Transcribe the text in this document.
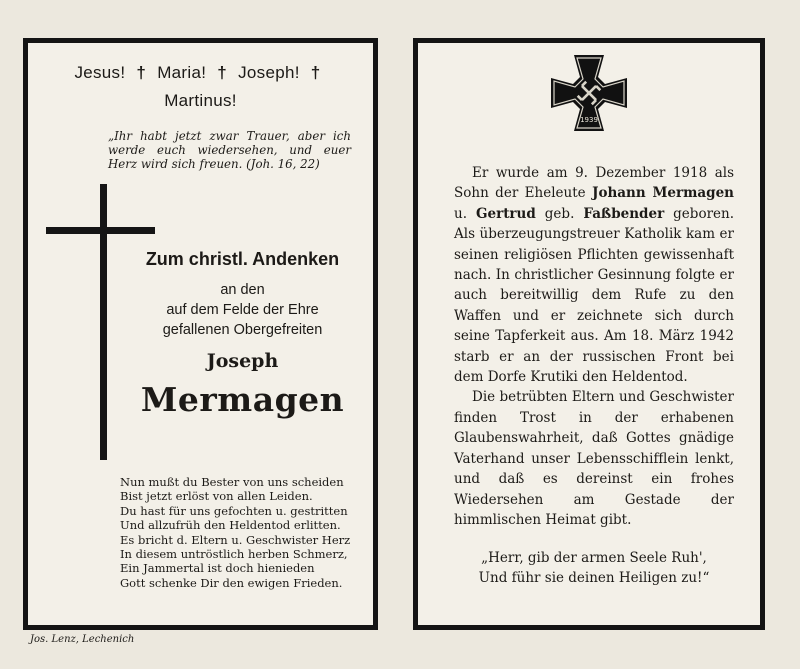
Jesus! † Maria! † Joseph! †
Martinus!
„Ihr habt jetzt zwar Trauer, aber ich werde euch wiedersehen, und euer Herz wird sich freuen. (Joh. 16, 22)
Zum christl. Andenken
an den
auf dem Felde der Ehre
gefallenen Obergefreiten
Joseph
Mermagen
Nun mußt du Bester von uns scheiden
Bist jetzt erlöst von allen Leiden.
Du hast für uns gefochten u. gestritten
Und allzufrüh den Heldentod erlitten.
Es bricht d. Eltern u. Geschwister Herz
In diesem untröstlich herben Schmerz,
Ein Jammertal ist doch hienieden
Gott schenke Dir den ewigen Frieden.
1939

Er wurde am 9. Dezember 1918 als Sohn der Eheleute Johann Mermagen u. Gertrud geb. Faßbender geboren. Als überzeugungstreuer Katholik kam er seinen religiösen Pflichten gewissenhaft nach. In christlicher Gesinnung folgte er auch bereitwillig dem Rufe zu den Waffen und er zeichnete sich durch seine Tapferkeit aus. Am 18. März 1942 starb er an der russischen Front bei dem Dorfe Krutiki den Heldentod.

Die betrübten Eltern und Geschwister finden Trost in der erhabenen Glaubenswahrheit, daß Gottes gnädige Vaterhand unser Lebensschifflein lenkt, und daß es dereinst ein frohes Wiedersehen am Gestade der himmlischen Heimat gibt.

„Herr, gib der armen Seele Ruh',
Und führ sie deinen Heiligen zu!“
Jos. Lenz, Lechenich
